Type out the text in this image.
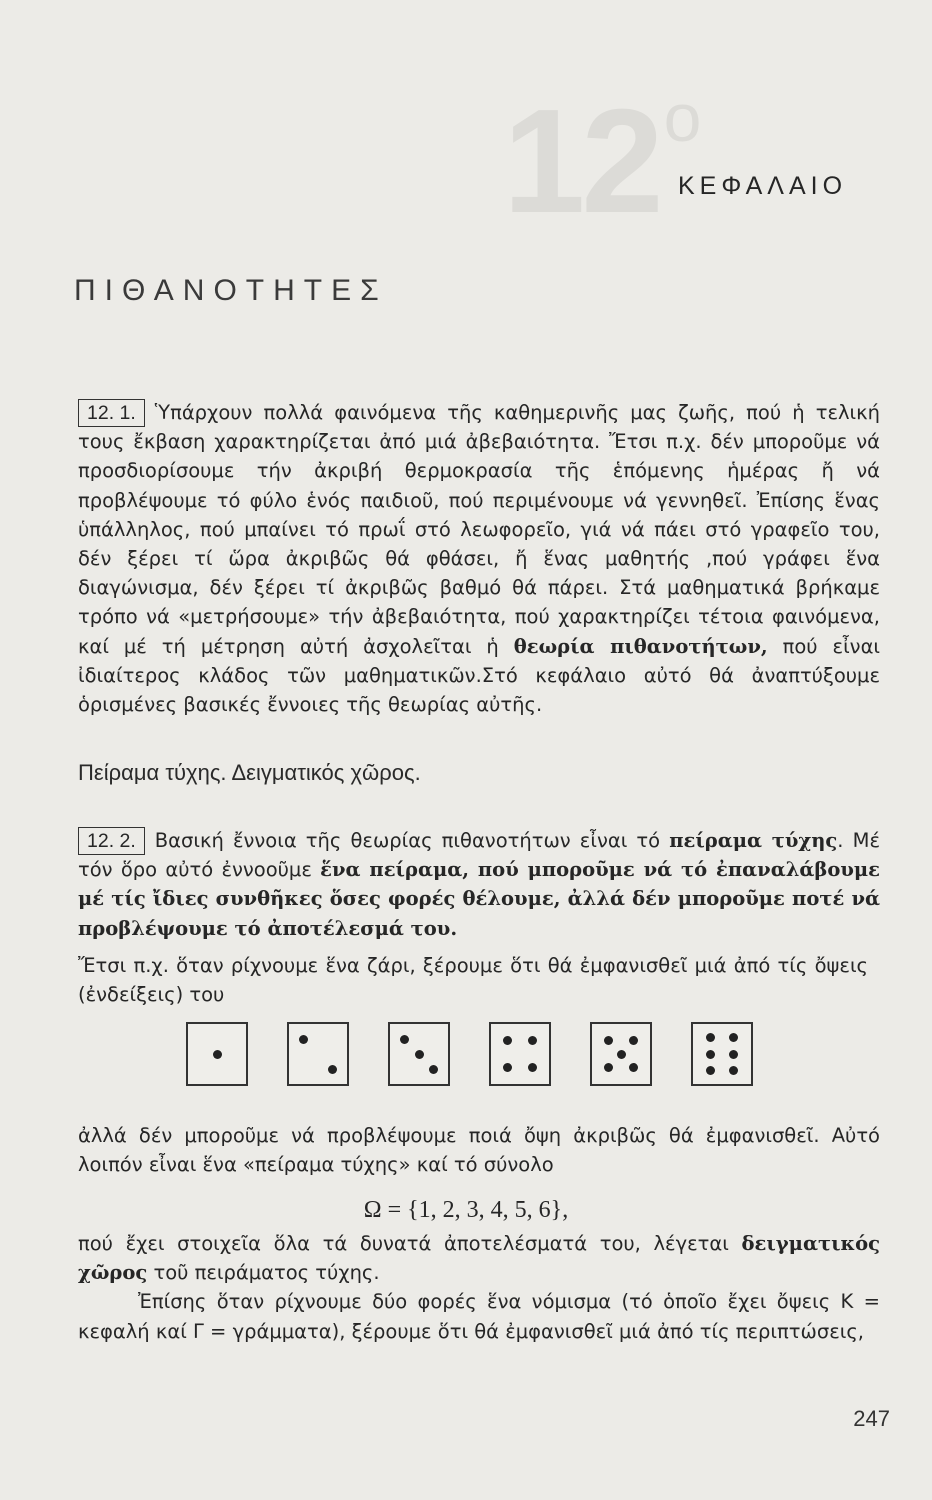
12$^o$
ΚΕΦΑΛΑΙΟ
ΠΙΘΑΝΟΤΗΤΕΣ
12. 1. Ὑπάρχουν πολλά φαινόμενα τῆς καθημερινῆς μας ζωῆς, πού ἡ τελική τους ἔκβαση χαρακτηρίζεται ἀπό μιά ἀβεβαιότητα. Ἔτσι π.χ. δέν μποροῦμε νά προσδιορίσουμε τήν ἀκριβή θερμοκρασία τῆς ἑπόμενης ἡμέρας ἤ νά προβλέψουμε τό φύλο ἑνός παιδιοῦ, πού περιμένουμε νά γεννηθεῖ. Ἐπίσης ἕνας ὑπάλληλος, πού μπαίνει τό πρωΐ στό λεωφορεῖο, γιά νά πάει στό γραφεῖο του, δέν ξέρει τί ὥρα ἀκριβῶς θά φθάσει, ἤ ἕνας μαθητής ,πού γράφει ἕνα διαγώνισμα, δέν ξέρει τί ἀκριβῶς βαθμό θά πάρει. Στά μαθηματικά βρήκαμε τρόπο νά «μετρήσουμε» τήν ἀβεβαιότητα, πού χαρακτηρίζει τέτοια φαινόμενα, καί μέ τή μέτρηση αὐτή ἀσχολεῖται ἡ θεωρία πιθανοτήτων, πού εἶναι ἰδιαίτερος κλάδος τῶν μαθηματικῶν.Στό κεφάλαιο αὐτό θά ἀναπτύξουμε ὁρισμένες βασικές ἔννοιες τῆς θεωρίας αὐτῆς.
Πείραμα τύχης. Δειγματικός χῶρος.
12. 2. Βασική ἔννοια τῆς θεωρίας πιθανοτήτων εἶναι τό πείραμα τύχης. Μέ τόν ὅρο αὐτό ἐννοοῦμε ἕνα πείραμα, πού μποροῦμε νά τό ἐπαναλάβουμε μέ τίς ἴδιες συνθῆκες ὅσες φορές θέλουμε, ἀλλά δέν μποροῦμε ποτέ νά προβλέψουμε τό ἀποτέλεσμά του.
Ἔτσι π.χ. ὅταν ρίχνουμε ἕνα ζάρι, ξέρουμε ὅτι θά ἐμφανισθεῖ μιά ἀπό τίς ὄψεις (ἐνδείξεις) του
ἀλλά δέν μποροῦμε νά προβλέψουμε ποιά ὄψη ἀκριβῶς θά ἐμφανισθεῖ. Αὐτό λοιπόν εἶναι ἕνα «πείραμα τύχης» καί τό σύνολο
Ω = {1, 2, 3, 4, 5, 6},
πού ἔχει στοιχεῖα ὅλα τά δυνατά ἀποτελέσματά του, λέγεται δειγματικός χῶρος τοῦ πειράματος τύχης.
Ἐπίσης ὅταν ρίχνουμε δύο φορές ἕνα νόμισμα (τό ὁποῖο ἔχει ὄψεις Κ = κεφαλή καί Γ = γράμματα), ξέρουμε ὅτι θά ἐμφανισθεῖ μιά ἀπό τίς περιπτώσεις,
247
